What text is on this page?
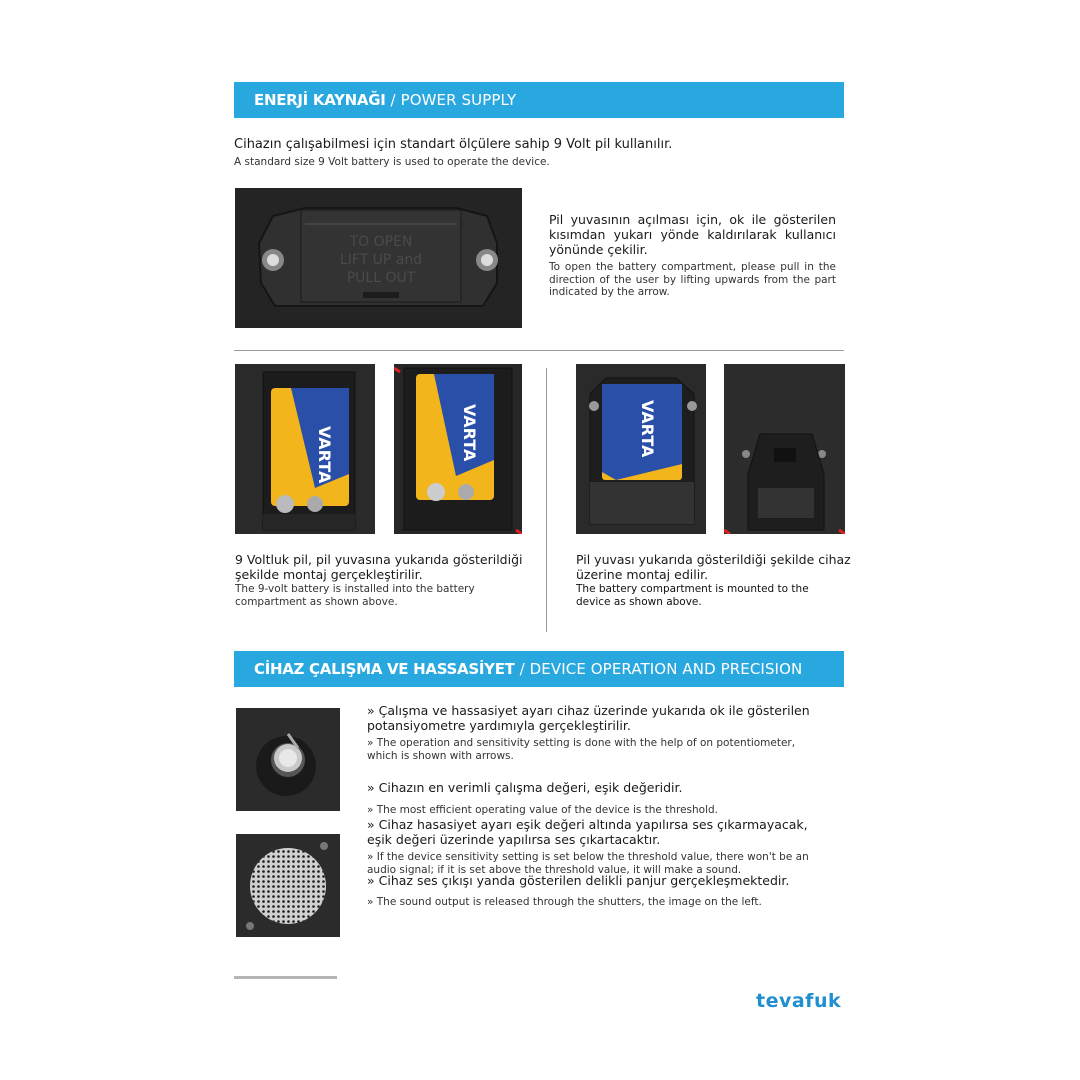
ENERJİ KAYNAĞI / POWER SUPPLY
Cihazın çalışabilmesi için standart ölçülere sahip 9 Volt pil kullanılır.
A standard size 9 Volt battery is used to operate the device.
TO OPEN
LIFT UP and
PULL OUT
Pil yuvasının açılması için, ok ile gösterilen kısımdan yukarı yönde kaldırılarak kullanıcı yönünde çekilir.
To open the battery compartment, please pull in the direction of the user by lifting upwards from the part indicated by the arrow.
VARTA	VARTA	VARTA
9 Voltluk pil, pil yuvasına yukarıda gösterildiği şekilde montaj gerçekleştirilir.
The 9-volt battery is installed into the battery compartment as shown above.
Pil yuvası yukarıda gösterildiği şekilde cihaz üzerine montaj edilir.
The battery compartment is mounted to the device as shown above.
CİHAZ ÇALIŞMA VE HASSASİYET / DEVICE OPERATION AND PRECISION
» Çalışma ve hassasiyet ayarı cihaz üzerinde yukarıda ok ile gösterilen potansiyometre yardımıyla gerçekleştirilir.
» The operation and sensitivity setting is done with the help of on potentiometer, which is shown with arrows.
» Cihazın en verimli çalışma değeri, eşik değeridir.
» The most efficient operating value of the device is the threshold.
» Cihaz hasasiyet ayarı eşik değeri altında yapılırsa ses çıkarmayacak, eşik değeri üzerinde yapılırsa ses çıkartacaktır.
» If the device sensitivity setting is set below the threshold value, there won't be an audio signal; if it is set above the threshold value, it will make a sound.
» Cihaz ses çıkışı yanda gösterilen delikli panjur gerçekleşmektedir.
» The sound output is released through the shutters, the image on the left.
tevafuk
